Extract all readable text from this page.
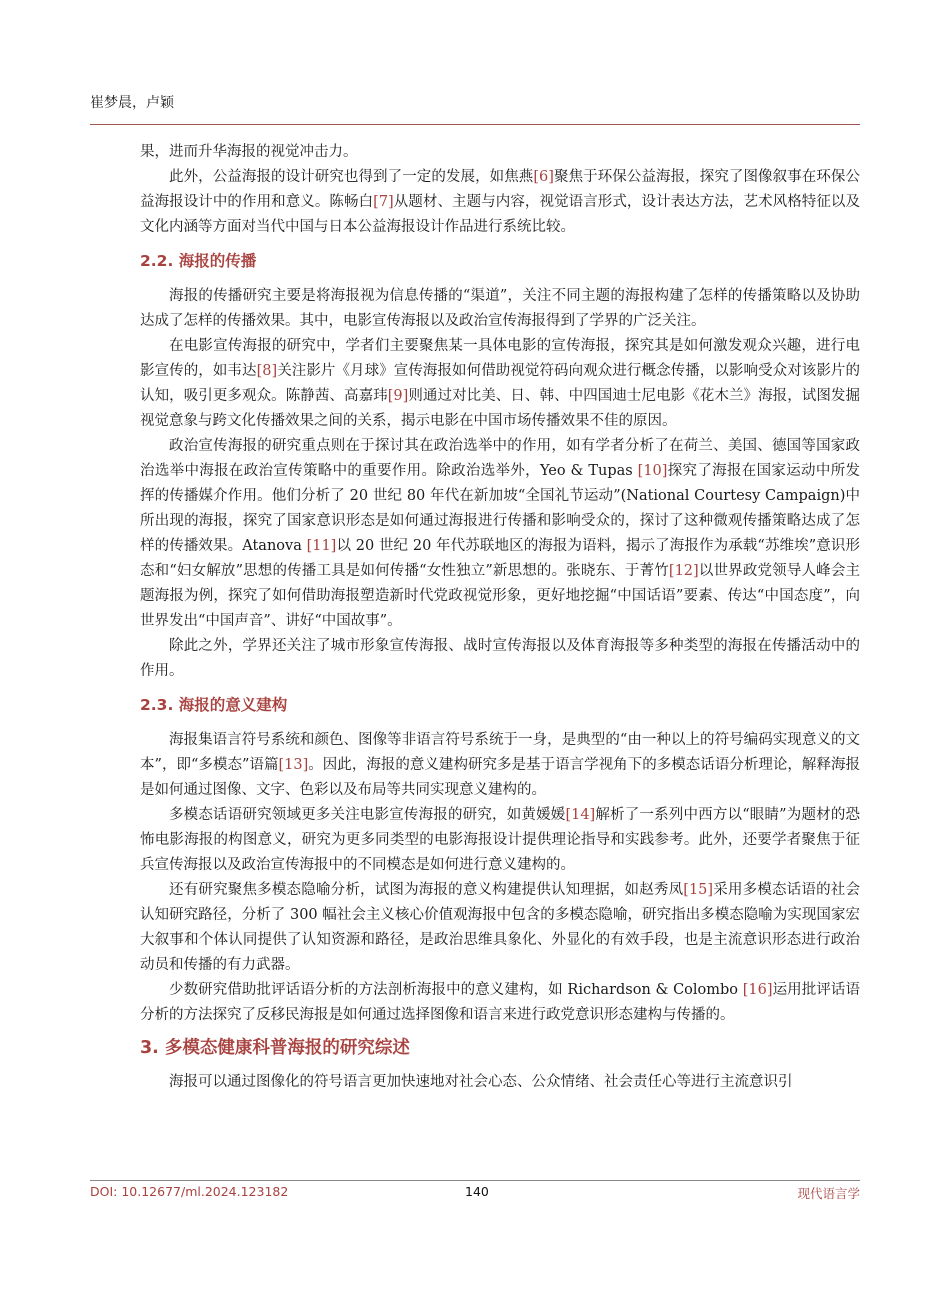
崔梦晨，卢颖

果，进而升华海报的视觉冲击力。

此外，公益海报的设计研究也得到了一定的发展，如焦燕[6]聚焦于环保公益海报，探究了图像叙事在环保公益海报设计中的作用和意义。陈畅白[7]从题材、主题与内容，视觉语言形式，设计表达方法，艺术风格特征以及文化内涵等方面对当代中国与日本公益海报设计作品进行系统比较。

2.2. 海报的传播

海报的传播研究主要是将海报视为信息传播的“渠道”，关注不同主题的海报构建了怎样的传播策略以及协助达成了怎样的传播效果。其中，电影宣传海报以及政治宣传海报得到了学界的广泛关注。

在电影宣传海报的研究中，学者们主要聚焦某一具体电影的宣传海报，探究其是如何激发观众兴趣，进行电影宣传的，如韦达[8]关注影片《月球》宣传海报如何借助视觉符码向观众进行概念传播，以影响受众对该影片的认知，吸引更多观众。陈静茜、高嘉玮[9]则通过对比美、日、韩、中四国迪士尼电影《花木兰》海报，试图发掘视觉意象与跨文化传播效果之间的关系，揭示电影在中国市场传播效果不佳的原因。

政治宣传海报的研究重点则在于探讨其在政治选举中的作用，如有学者分析了在荷兰、美国、德国等国家政治选举中海报在政治宣传策略中的重要作用。除政治选举外，Yeo & Tupas [10]探究了海报在国家运动中所发挥的传播媒介作用。他们分析了 20 世纪 80 年代在新加坡“全国礼节运动”(National Courtesy Campaign)中所出现的海报，探究了国家意识形态是如何通过海报进行传播和影响受众的，探讨了这种微观传播策略达成了怎样的传播效果。Atanova [11]以 20 世纪 20 年代苏联地区的海报为语料，揭示了海报作为承载“苏维埃”意识形态和“妇女解放”思想的传播工具是如何传播“女性独立”新思想的。张晓东、于菁竹[12]以世界政党领导人峰会主题海报为例，探究了如何借助海报塑造新时代党政视觉形象，更好地挖掘“中国话语”要素、传达“中国态度”，向世界发出“中国声音”、讲好“中国故事”。

除此之外，学界还关注了城市形象宣传海报、战时宣传海报以及体育海报等多种类型的海报在传播活动中的作用。

2.3. 海报的意义建构

海报集语言符号系统和颜色、图像等非语言符号系统于一身，是典型的“由一种以上的符号编码实现意义的文本”，即“多模态”语篇[13]。因此，海报的意义建构研究多是基于语言学视角下的多模态话语分析理论，解释海报是如何通过图像、文字、色彩以及布局等共同实现意义建构的。

多模态话语研究领域更多关注电影宣传海报的研究，如黄媛媛[14]解析了一系列中西方以“眼睛”为题材的恐怖电影海报的构图意义，研究为更多同类型的电影海报设计提供理论指导和实践参考。此外，还要学者聚焦于征兵宣传海报以及政治宣传海报中的不同模态是如何进行意义建构的。

还有研究聚焦多模态隐喻分析，试图为海报的意义构建提供认知理据，如赵秀凤[15]采用多模态话语的社会认知研究路径，分析了 300 幅社会主义核心价值观海报中包含的多模态隐喻，研究指出多模态隐喻为实现国家宏大叙事和个体认同提供了认知资源和路径，是政治思维具象化、外显化的有效手段，也是主流意识形态进行政治动员和传播的有力武器。

少数研究借助批评话语分析的方法剖析海报中的意义建构，如 Richardson & Colombo [16]运用批评话语分析的方法探究了反移民海报是如何通过选择图像和语言来进行政党意识形态建构与传播的。

3. 多模态健康科普海报的研究综述

海报可以通过图像化的符号语言更加快速地对社会心态、公众情绪、社会责任心等进行主流意识引

DOI: 10.12677/ml.2024.123182	140	现代语言学
